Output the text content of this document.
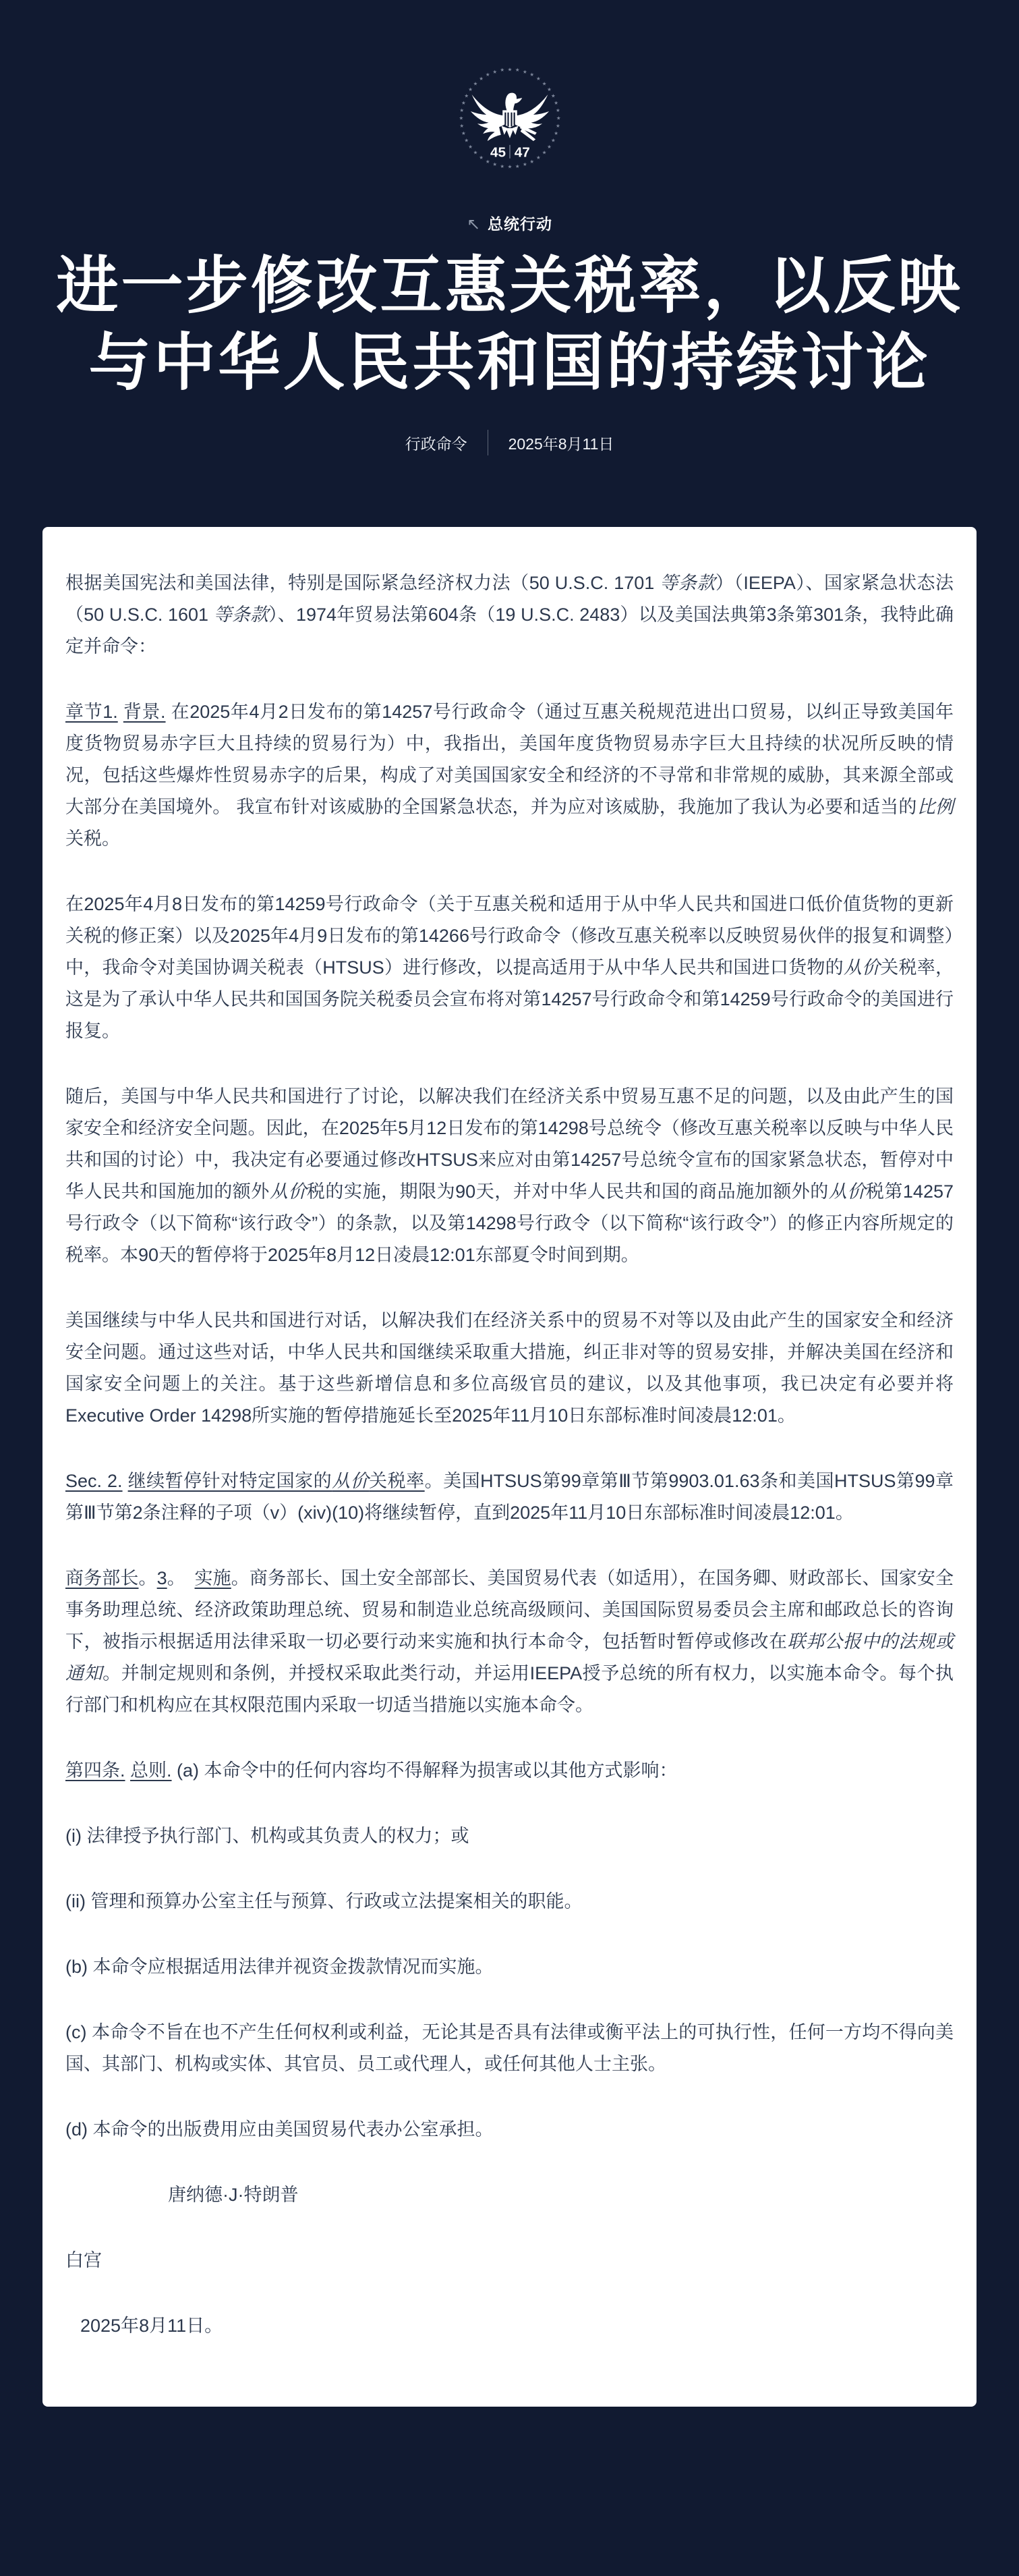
★ ★ ★ ★
★
★
★
★
★
★
★
★
★
★
★
★
★
★
★
★
★
★
★
★
★
★
★
★
★
★
★
★
★
★
★
★
★
★ ★ ★
45 47
↖ 总统行动
进一步修改互惠关税率，以反映
与中华人民共和国的持续讨论
行政命令	2025年8月11日

根据美国宪法和美国法律，特别是国际紧急经济权力法（50 U.S.C. 1701 等条款）（IEEPA）、国家紧急状态法（50 U.S.C. 1601 等条款）、1974年贸易法第604条（19 U.S.C. 2483）以及美国法典第3条第301条，我特此确定并命令：

章节1. 背景. 在2025年4月2日发布的第14257号行政命令（通过互惠关税规范进出口贸易，以纠正导致美国年度货物贸易赤字巨大且持续的贸易行为）中，我指出，美国年度货物贸易赤字巨大且持续的状况所反映的情况，包括这些爆炸性贸易赤字的后果，构成了对美国国家安全和经济的不寻常和非常规的威胁，其来源全部或大部分在美国境外。 我宣布针对该威胁的全国紧急状态，并为应对该威胁，我施加了我认为必要和适当的比例关税。

在2025年4月8日发布的第14259号行政命令（关于互惠关税和适用于从中华人民共和国进口低价值货物的更新关税的修正案）以及2025年4月9日发布的第14266号行政命令（修改互惠关税率以反映贸易伙伴的报复和调整）中，我命令对美国协调关税表（HTSUS）进行修改，以提高适用于从中华人民共和国进口货物的从价关税率，这是为了承认中华人民共和国国务院关税委员会宣布将对第14257号行政命令和第14259号行政命令的美国进行报复。

随后，美国与中华人民共和国进行了讨论，以解决我们在经济关系中贸易互惠不足的问题，以及由此产生的国家安全和经济安全问题。因此，在2025年5月12日发布的第14298号总统令（修改互惠关税率以反映与中华人民共和国的讨论）中，我决定有必要通过修改HTSUS来应对由第14257号总统令宣布的国家紧急状态，暂停对中华人民共和国施加的额外从价税的实施，期限为90天，并对中华人民共和国的商品施加额外的从价税第14257号行政令（以下简称“该行政令”）的条款，以及第14298号行政令（以下简称“该行政令”）的修正内容所规定的税率。本90天的暂停将于2025年8月12日凌晨12:01东部夏令时间到期。

美国继续与中华人民共和国进行对话，以解决我们在经济关系中的贸易不对等以及由此产生的国家安全和经济安全问题。通过这些对话，中华人民共和国继续采取重大措施，纠正非对等的贸易安排，并解决美国在经济和国家安全问题上的关注。基于这些新增信息和多位高级官员的建议，以及其他事项，我已决定有必要并将Executive Order 14298所实施的暂停措施延长至2025年11月10日东部标准时间凌晨12:01。

Sec. 2. 继续暂停针对特定国家的从价关税率。美国HTSUS第99章第Ⅲ节第9903.01.63条和美国HTSUS第99章第Ⅲ节第2条注释的子项（v）(xiv)(10)将继续暂停，直到2025年11月10日东部标准时间凌晨12:01。

商务部长。3。　实施。商务部长、国土安全部部长、美国贸易代表（如适用），在国务卿、财政部长、国家安全事务助理总统、经济政策助理总统、贸易和制造业总统高级顾问、美国国际贸易委员会主席和邮政总长的咨询下，被指示根据适用法律采取一切必要行动来实施和执行本命令，包括暂时暂停或修改在联邦公报中的法规或通知。并制定规则和条例，并授权采取此类行动，并运用IEEPA授予总统的所有权力，以实施本命令。每个执行部门和机构应在其权限范围内采取一切适当措施以实施本命令。

第四条. 总则. (a) 本命令中的任何内容均不得解释为损害或以其他方式影响：

(i) 法律授予执行部门、机构或其负责人的权力；或

(ii) 管理和预算办公室主任与预算、行政或立法提案相关的职能。

(b) 本命令应根据适用法律并视资金拨款情况而实施。

(c) 本命令不旨在也不产生任何权利或利益，无论其是否具有法律或衡平法上的可执行性，任何一方均不得向美国、其部门、机构或实体、其官员、员工或代理人，或任何其他人士主张。

(d) 本命令的出版费用应由美国贸易代表办公室承担。

唐纳德·J·特朗普

白宫

2025年8月11日。
